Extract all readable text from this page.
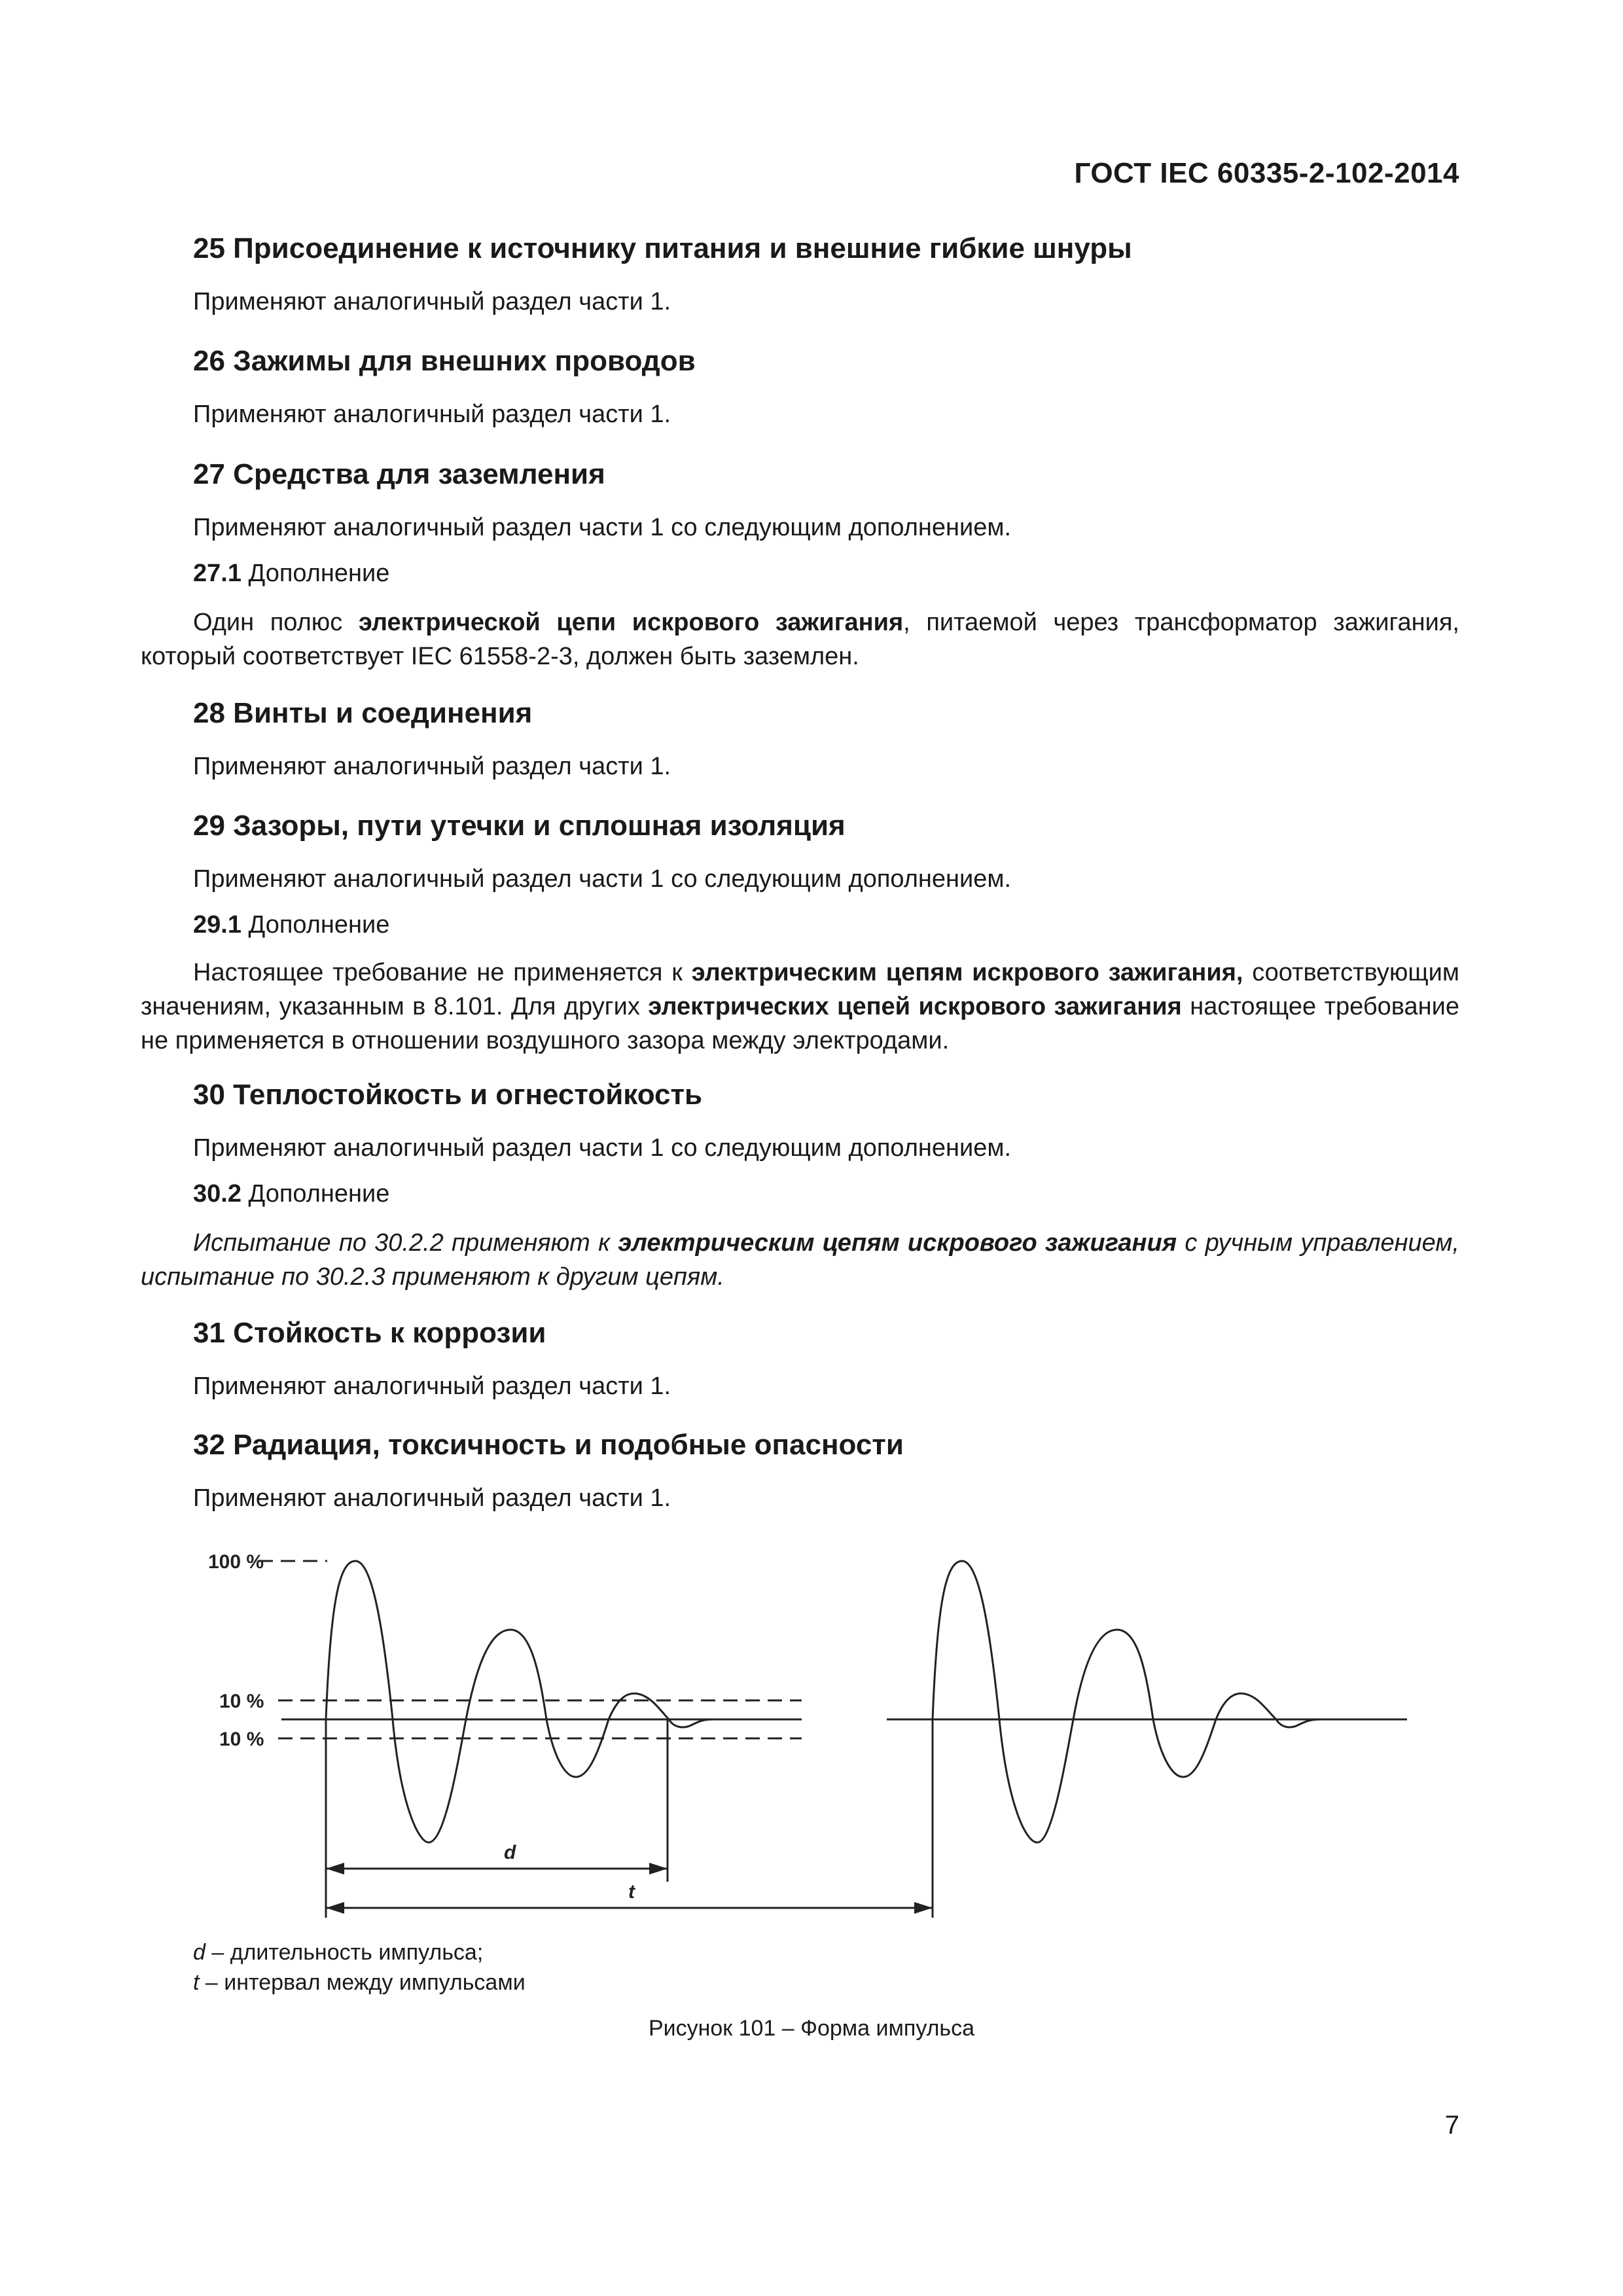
ГОСТ IEC 60335-2-102-2014
25 Присоединение к источнику питания и внешние гибкие шнуры
Применяют аналогичный раздел части 1.
26 Зажимы для внешних проводов
Применяют аналогичный раздел части 1.
27 Средства для заземления
Применяют аналогичный раздел части 1 со следующим дополнением.
27.1 Дополнение
Один полюс электрической цепи искрового зажигания, питаемой через трансформатор зажигания, который соответствует IEC 61558-2-3, должен быть заземлен.
28 Винты и соединения
Применяют аналогичный раздел части 1.
29 Зазоры, пути утечки и сплошная изоляция
Применяют аналогичный раздел части 1 со следующим дополнением.
29.1 Дополнение
Настоящее требование не применяется к электрическим цепям искрового зажигания, соответствующим значениям, указанным в 8.101. Для других электрических цепей искрового зажигания настоящее требование не применяется в отношении воздушного зазора между электродами.
30 Теплостойкость и огнестойкость
Применяют аналогичный раздел части 1 со следующим дополнением.
30.2 Дополнение
Испытание по 30.2.2 применяют к электрическим цепям искрового зажигания с ручным управлением, испытание по 30.2.3 применяют к другим цепям.
31 Стойкость к коррозии
Применяют аналогичный раздел части 1.
32 Радиация, токсичность и подобные опасности
Применяют аналогичный раздел части 1.
100 %
10 %
10 %
d
t
d – длительность импульса;
t – интервал между импульсами
Рисунок 101 – Форма импульса
7
